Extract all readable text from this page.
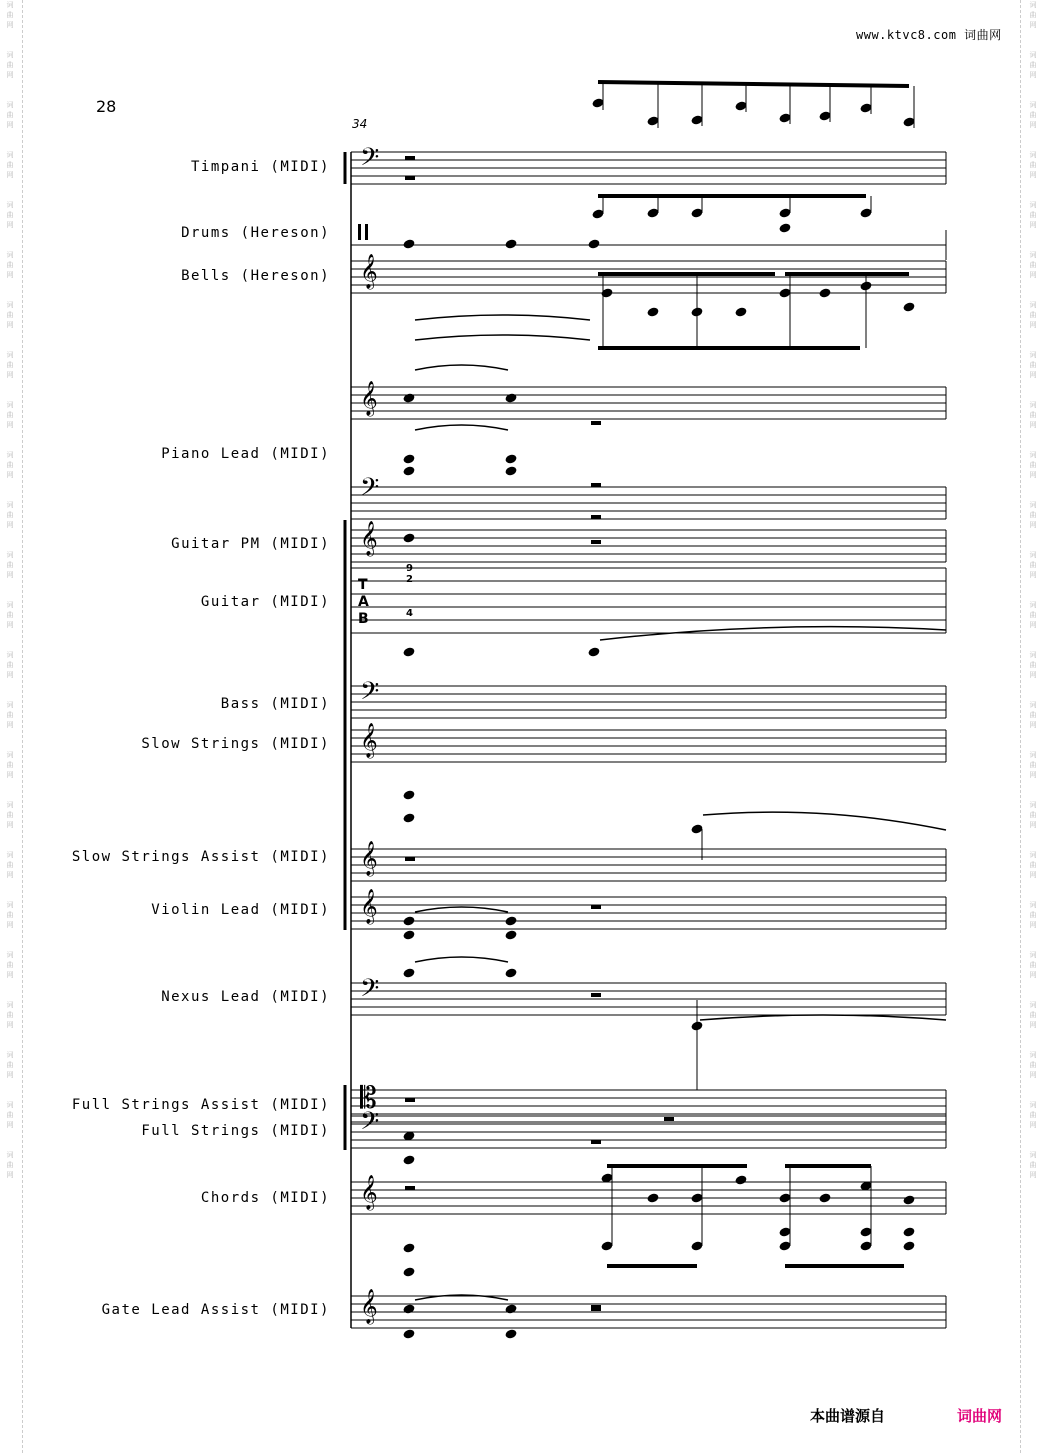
词
曲
网

词
曲
网

词
曲
网

词
曲
网

词
曲
网

词
曲
网

词
曲
网

词
曲
网

词
曲
网

词
曲
网

词
曲
网

词
曲
网

词
曲
网

词
曲
网

词
曲
网

词
曲
网

词
曲
网

词
曲
网

词
曲
网

词
曲
网

词
曲
网

词
曲
网

词
曲
网

词
曲
网

词
曲
网

词
曲
网

词
曲
网

词
曲
网

词
曲
网

词
曲
网

词
曲
网

词
曲
网

词
曲
网

词
曲
网

词
曲
网

词
曲
网

词
曲
网

词
曲
网

词
曲
网

词
曲
网

词
曲
网

词
曲
网

词
曲
网

词
曲
网

词
曲
网

词
曲
网

词
曲
网

词
曲
网

www.ktvc8.com 词曲网
28
34
Timpani (MIDI)
Drums (Hereson)
Bells (Hereson)
Piano Lead (MIDI)
Guitar PM (MIDI)
Guitar (MIDI)
Bass (MIDI)
Slow Strings (MIDI)
Slow Strings Assist (MIDI)
Violin Lead (MIDI)
Nexus Lead (MIDI)
Full Strings Assist (MIDI)
Full Strings (MIDI)
Chords (MIDI)
Gate Lead Assist (MIDI)
𝄢
𝄞
𝄞
𝄢
𝄞
𝄢
𝄞
𝄞
𝄞
𝄢
𝄡
𝄢
𝄞
𝄞
T
A
B
9
2
4
本曲谱源自	词曲网
